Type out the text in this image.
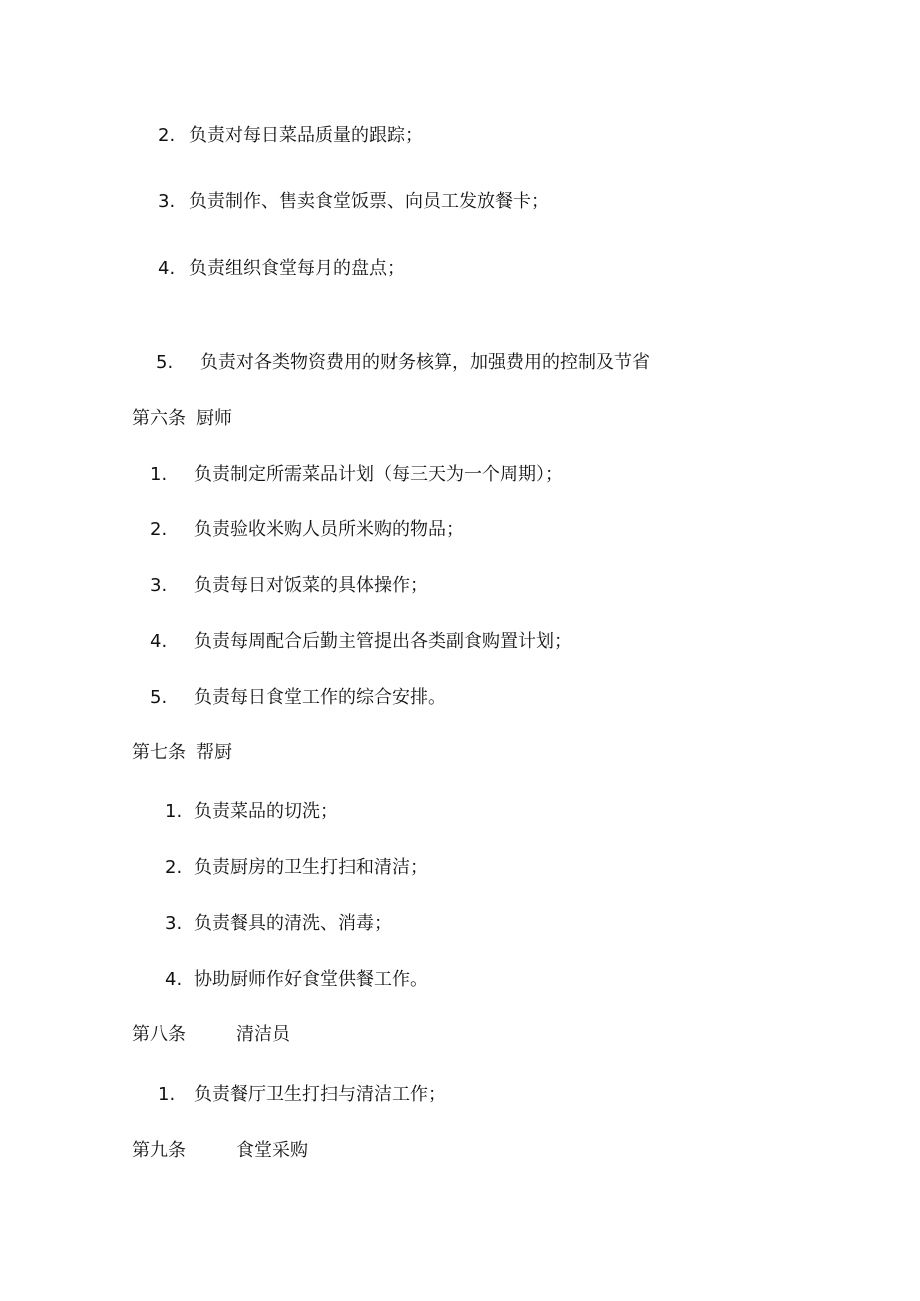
2. 负责对每日菜品质量的跟踪；
3. 负责制作、售卖食堂饭票、向员工发放餐卡；
4. 负责组织食堂每月的盘点；
5. 负责对各类物资费用的财务核算，加强费用的控制及节省
第六条 厨师
1. 负责制定所需菜品计划（每三天为一个周期）；
2. 负责验收米购人员所米购的物品；
3. 负责每日对饭菜的具体操作；
4. 负责每周配合后勤主管提出各类副食购置计划；
5. 负责每日食堂工作的综合安排。
第七条 帮厨
1. 负责菜品的切洗；
2. 负责厨房的卫生打扫和清洁；
3. 负责餐具的清洗、消毒；
4. 协助厨师作好食堂供餐工作。
第八条	清洁员
1. 负责餐厅卫生打扫与清洁工作；
第九条	食堂采购
